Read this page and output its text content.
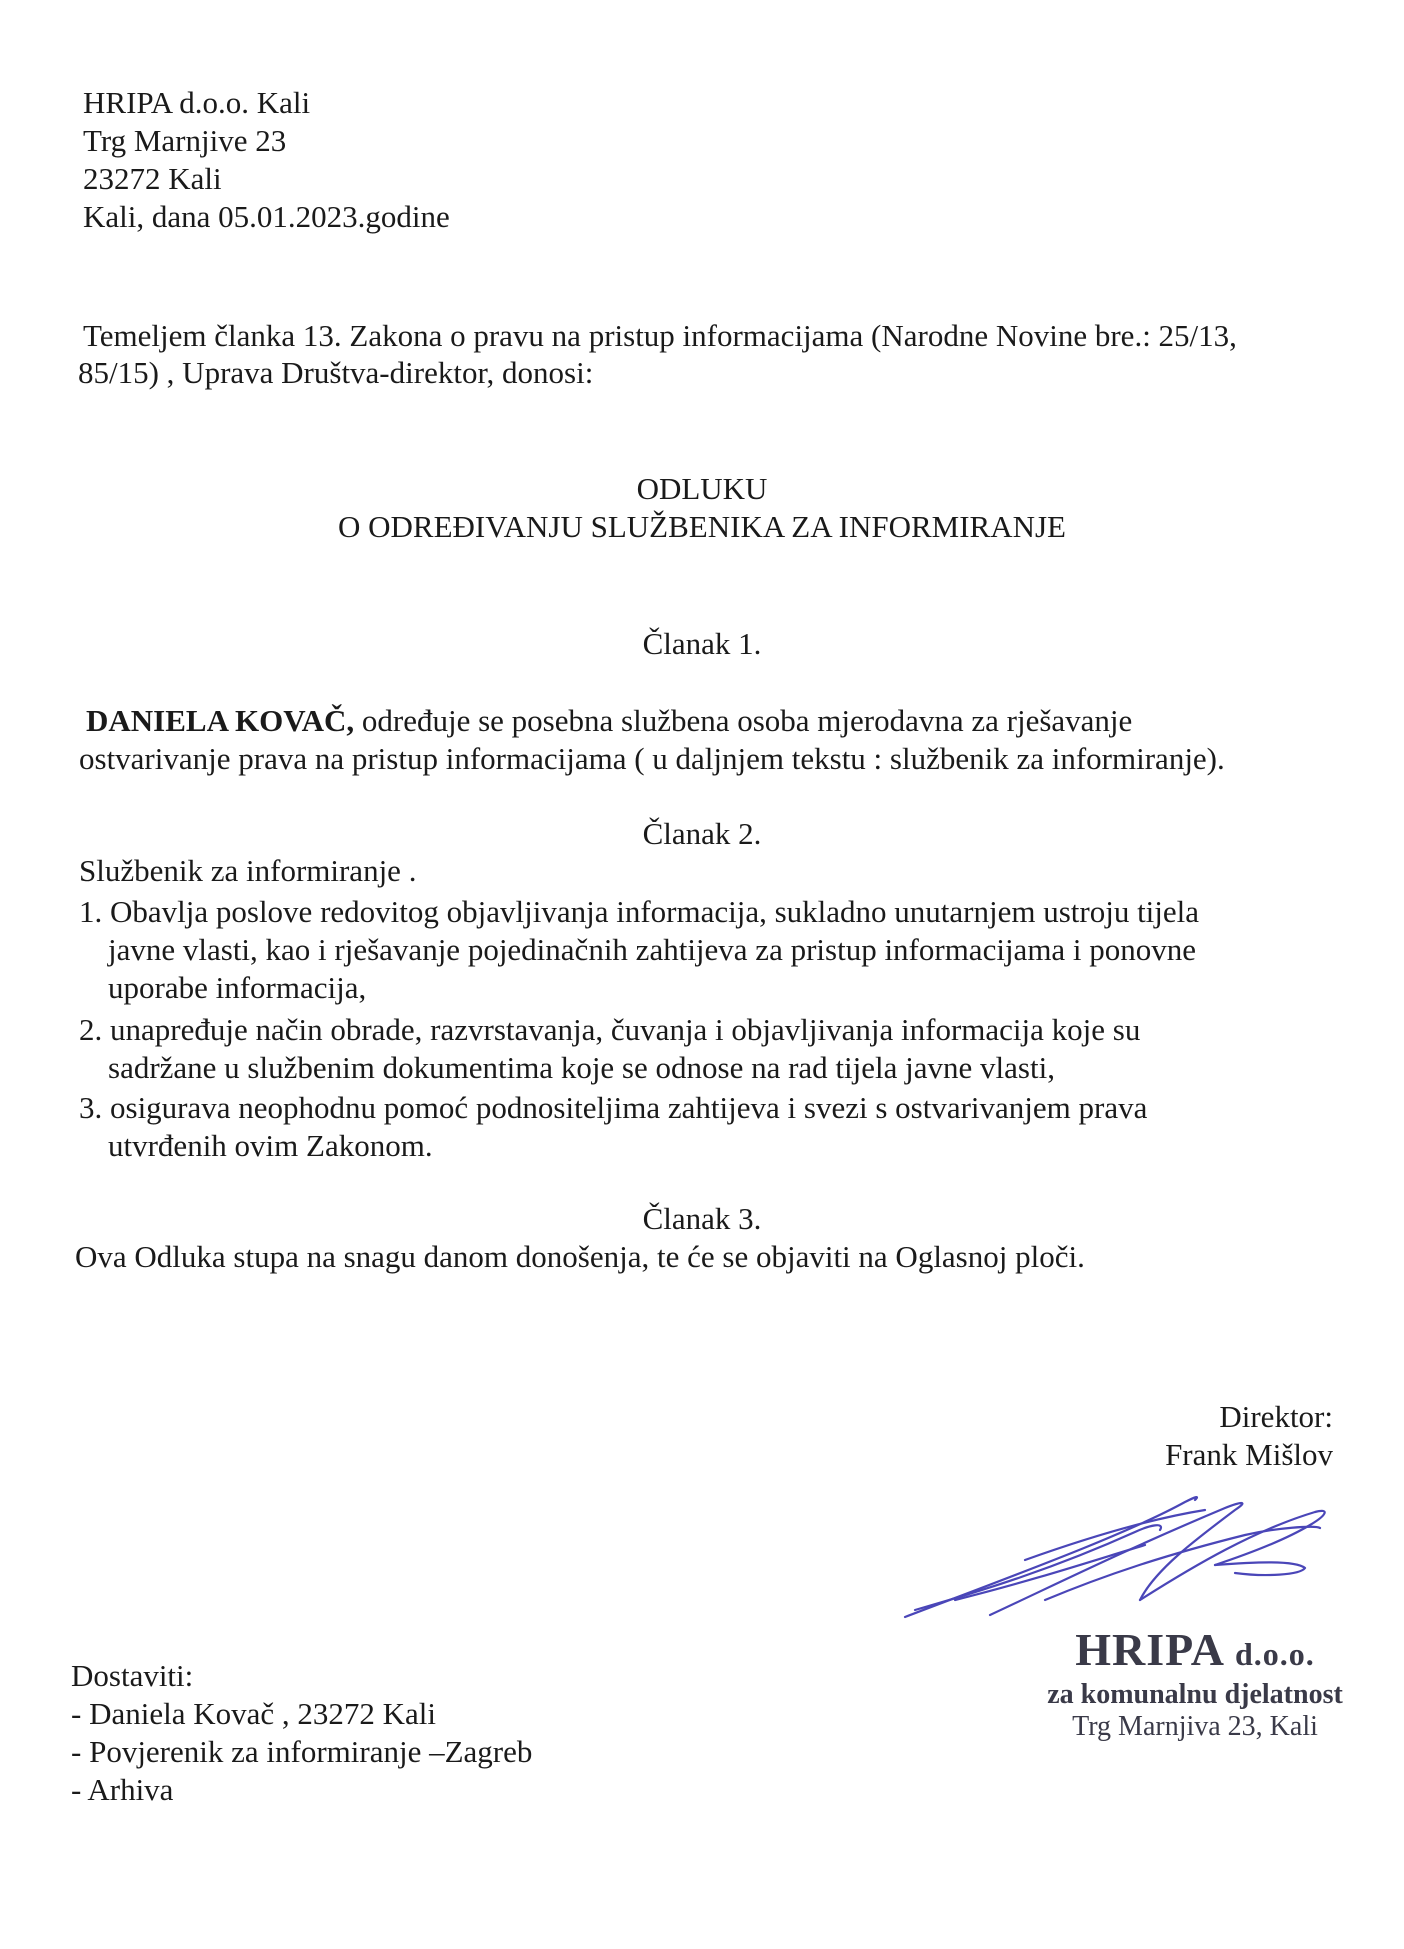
HRIPA d.o.o. Kali
Trg Marnjive 23
23272 Kali
Kali, dana 05.01.2023.godine
Temeljem članka 13. Zakona o pravu na pristup informacijama (Narodne Novine bre.: 25/13,
85/15) , Uprava Društva-direktor, donosi:
ODLUKU
O ODREĐIVANJU SLUŽBENIKA ZA INFORMIRANJE
Članak 1.
DANIELA KOVAČ, određuje se posebna službena osoba mjerodavna za rješavanje
ostvarivanje prava na pristup informacijama ( u daljnjem tekstu : službenik za informiranje).
Članak 2.
Službenik za informiranje .
1. Obavlja poslove redovitog objavljivanja informacija, sukladno unutarnjem ustroju tijela
javne vlasti, kao i rješavanje pojedinačnih zahtijeva za pristup informacijama i ponovne
uporabe informacija,
2. unapređuje način obrade, razvrstavanja, čuvanja i objavljivanja informacija koje su
sadržane u službenim dokumentima koje se odnose na rad tijela javne vlasti,
3. osigurava neophodnu pomoć podnositeljima zahtijeva i svezi s ostvarivanjem prava
utvrđenih ovim Zakonom.
Članak 3.
Ova Odluka stupa na snagu danom donošenja, te će se objaviti na Oglasnoj ploči.
Direktor:
Frank Mišlov
HRIPA d.o.o.
za komunalnu djelatnost
Trg Marnjiva 23, Kali
Dostaviti:
- Daniela Kovač , 23272 Kali
- Povjerenik za informiranje –Zagreb
- Arhiva
